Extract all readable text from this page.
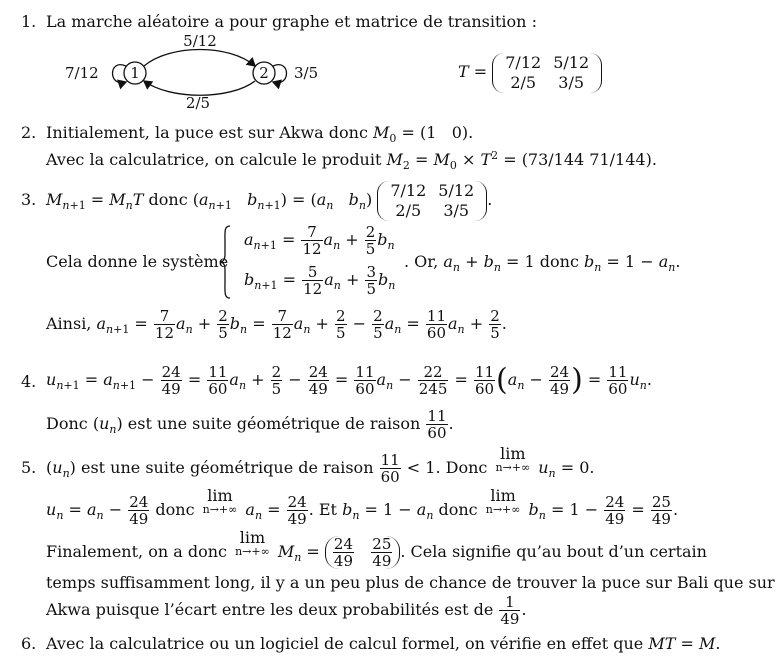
1. La marche aléatoire a pour graphe et matrice de transition :
1	2
7/12	3/5
5/12
2/5
T = 7/12	5/12
2/5	3/5
2. Initialement, la puce est sur Akwa donc $M_0 = (1$ 0).
Avec la calculatrice, on calcule le produit $M_2 = M_0 \times T^2 = (73/144$ 71/144).
3. $M_{n+1} = M_nT$ donc ($a_{n+1}$ $b_{n+1}) = (a_n$ $b_n$) 7/12	5/12
2/5	3/5
.
Cela donne le système
$a_{n+1} = \frac{7}{12} a_n + \frac{2}{5} b_n$
$b_{n+1} = \frac{5}{12} a_n + \frac{3}{5} b_n$
. Or, $a_n + b_n = 1$ donc $b_n = 1 - a_n$.
Ainsi, $a_{n+1} = \frac{7}{12} a_n + \frac{2}{5} b_n = \frac{7}{12} a_n + \frac{2}{5} - \frac{2}{5} a_n = \frac{11}{60} a_n + \frac{2}{5}$ .
4. $u_{n+1} = a_{n+1} - \frac{24}{49} = \frac{11}{60} a_n + \frac{2}{5} - \frac{24}{49} = \frac{11}{60} a_n - \frac{22}{245} = \frac{11}{60} (a_n - \frac{24}{49}$ ) = $\frac{11}{60} u_n$.
Donc $(u_n)$ est une suite géométrique de raison $\frac{11}{60}$ .
5. $(u_n)$ est une suite géométrique de raison $\frac{11}{60} < 1$. Donc
lim
n→+∞ $u_n = 0$.
$u_n = a_n - \frac{24}{49}$ donc
lim
n→+∞ $a_n = \frac{24}{49}$ . Et $b_n = 1 - a_n$ donc
lim
n→+∞ $b_n = 1 - \frac{24}{49} = \frac{25}{49}$ .
Finalement, on a donc
lim
n→+∞ $M_n = \frac{24}{49}$
$\frac{25}{49}$ . Cela signifie qu’au bout d’un certain
temps suffisamment long, il y a un peu plus de chance de trouver la puce sur Bali que sur
Akwa puisque l’écart entre les deux probabilités est de $\frac{1}{49}$ .
6. Avec la calculatrice ou un logiciel de calcul formel, on vérifie en effet que MT = M.
